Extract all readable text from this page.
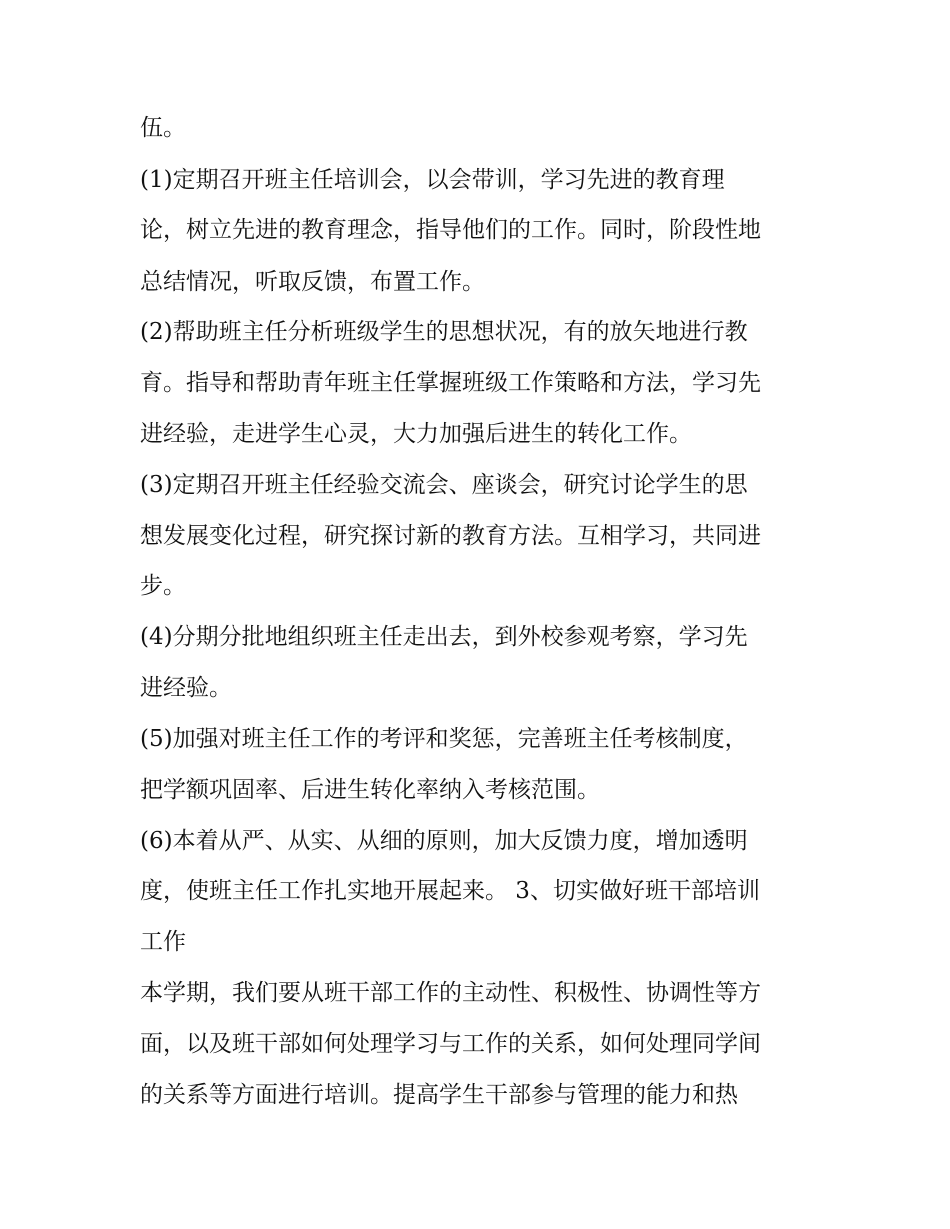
伍。
(1)定期召开班主任培训会，以会带训，学习先进的教育理
论，树立先进的教育理念，指导他们的工作。同时，阶段性地
总结情况，听取反馈，布置工作。
(2)帮助班主任分析班级学生的思想状况，有的放矢地进行教
育。指导和帮助青年班主任掌握班级工作策略和方法，学习先
进经验，走进学生心灵，大力加强后进生的转化工作。
(3)定期召开班主任经验交流会、座谈会，研究讨论学生的思
想发展变化过程，研究探讨新的教育方法。互相学习，共同进
步。
(4)分期分批地组织班主任走出去，到外校参观考察，学习先
进经验。
(5)加强对班主任工作的考评和奖惩，完善班主任考核制度，
把学额巩固率、后进生转化率纳入考核范围。
(6)本着从严、从实、从细的原则，加大反馈力度，增加透明
度，使班主任工作扎实地开展起来。 3、切实做好班干部培训
工作
本学期，我们要从班干部工作的主动性、积极性、协调性等方
面，以及班干部如何处理学习与工作的关系，如何处理同学间
的关系等方面进行培训。提高学生干部参与管理的能力和热
